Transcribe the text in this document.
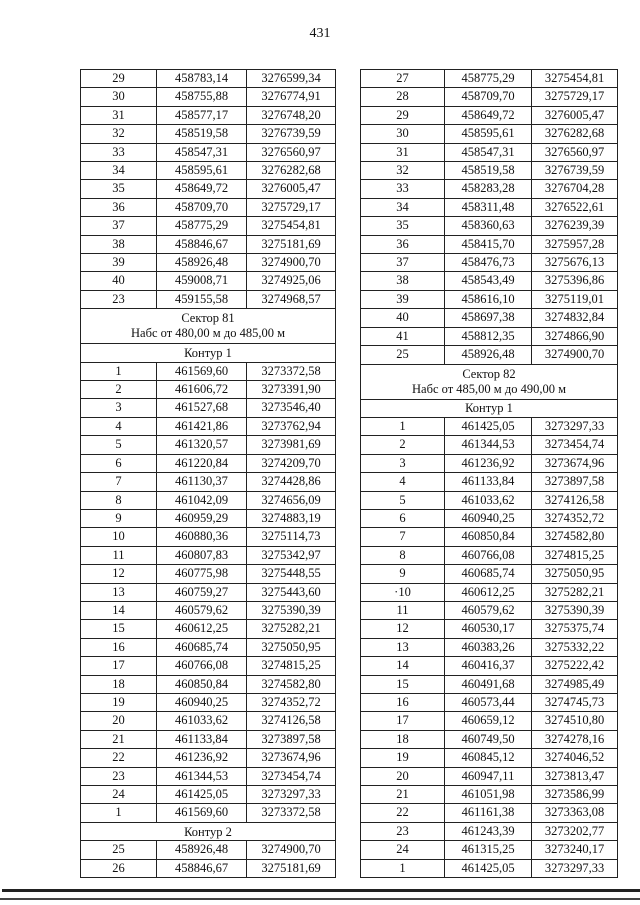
431
29	458783,14	3276599,34
30	458755,88	3276774,91
31	458577,17	3276748,20
32	458519,58	3276739,59
33	458547,31	3276560,97
34	458595,61	3276282,68
35	458649,72	3276005,47
36	458709,70	3275729,17
37	458775,29	3275454,81
38	458846,67	3275181,69
39	458926,48	3274900,70
40	459008,71	3274925,06
23	459155,58	3274968,57

Сектор 81
Набс от 480,00 м до 485,00 м		

Контур 1		
1	461569,60	3273372,58
2	461606,72	3273391,90
3	461527,68	3273546,40
4	461421,86	3273762,94
5	461320,57	3273981,69
6	461220,84	3274209,70
7	461130,37	3274428,86
8	461042,09	3274656,09
9	460959,29	3274883,19
10	460880,36	3275114,73
11	460807,83	3275342,97
12	460775,98	3275448,55
13	460759,27	3275443,60
14	460579,62	3275390,39
15	460612,25	3275282,21
16	460685,74	3275050,95
17	460766,08	3274815,25
18	460850,84	3274582,80
19	460940,25	3274352,72
20	461033,62	3274126,58
21	461133,84	3273897,58
22	461236,92	3273674,96
23	461344,53	3273454,74
24	461425,05	3273297,33
1	461569,60	3273372,58
Контур 2		
25	458926,48	3274900,70
26	458846,67	3275181,69
27	458775,29	3275454,81
28	458709,70	3275729,17
29	458649,72	3276005,47
30	458595,61	3276282,68
31	458547,31	3276560,97
32	458519,58	3276739,59
33	458283,28	3276704,28
34	458311,48	3276522,61
35	458360,63	3276239,39
36	458415,70	3275957,28
37	458476,73	3275676,13
38	458543,49	3275396,86
39	458616,10	3275119,01
40	458697,38	3274832,84
41	458812,35	3274866,90
25	458926,48	3274900,70

Сектор 82
Набс от 485,00 м до 490,00 м		

Контур 1		
1	461425,05	3273297,33
2	461344,53	3273454,74
3	461236,92	3273674,96
4	461133,84	3273897,58
5	461033,62	3274126,58
6	460940,25	3274352,72
7	460850,84	3274582,80
8	460766,08	3274815,25
9	460685,74	3275050,95
·10	460612,25	3275282,21
11	460579,62	3275390,39
12	460530,17	3275375,74
13	460383,26	3275332,22
14	460416,37	3275222,42
15	460491,68	3274985,49
16	460573,44	3274745,73
17	460659,12	3274510,80
18	460749,50	3274278,16
19	460845,12	3274046,52
20	460947,11	3273813,47
21	461051,98	3273586,99
22	461161,38	3273363,08
23	461243,39	3273202,77
24	461315,25	3273240,17
1	461425,05	3273297,33
